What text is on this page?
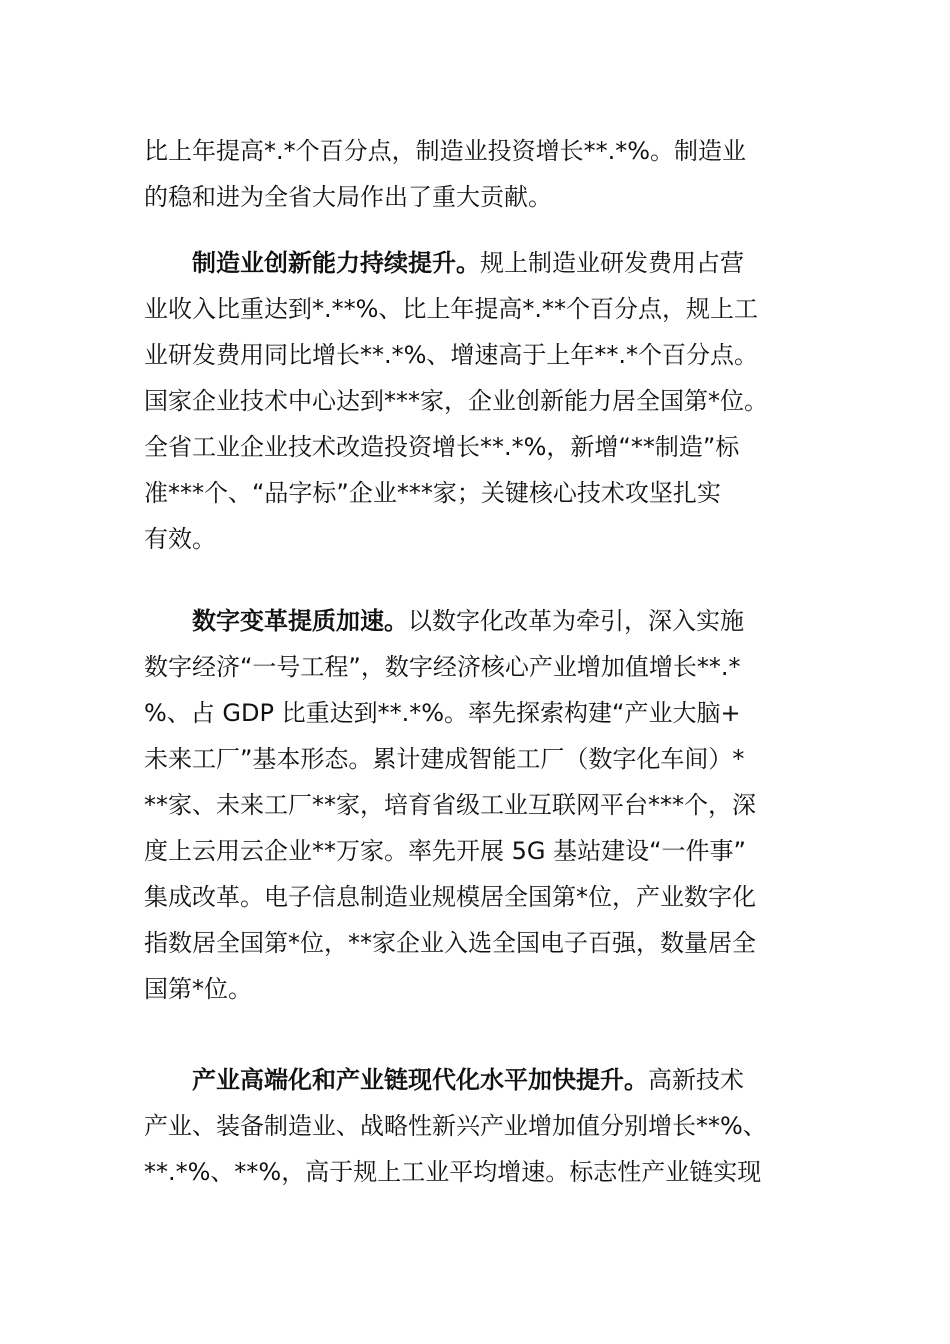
比上年提高*.*个百分点，制造业投资增长**.*%。制造业
的稳和进为全省大局作出了重大贡献。
制造业创新能力持续提升。规上制造业研发费用占营
业收入比重达到*.**%、比上年提高*.**个百分点，规上工
业研发费用同比增长**.*%、增速高于上年**.*个百分点。
国家企业技术中心达到***家，企业创新能力居全国第*位。
全省工业企业技术改造投资增长**.*%，新增“**制造”标
准***个、“品字标”企业***家；关键核心技术攻坚扎实
有效。
数字变革提质加速。以数字化改革为牵引，深入实施
数字经济“一号工程”，数字经济核心产业增加值增长**.*
%、占 GDP 比重达到**.*%。率先探索构建“产业大脑+
未来工厂”基本形态。累计建成智能工厂（数字化车间）*
**家、未来工厂**家，培育省级工业互联网平台***个，深
度上云用云企业**万家。率先开展 5G 基站建设“一件事”
集成改革。电子信息制造业规模居全国第*位，产业数字化
指数居全国第*位，**家企业入选全国电子百强，数量居全
国第*位。
产业高端化和产业链现代化水平加快提升。高新技术
产业、装备制造业、战略性新兴产业增加值分别增长**%、
**.*%、**%，高于规上工业平均增速。标志性产业链实现
